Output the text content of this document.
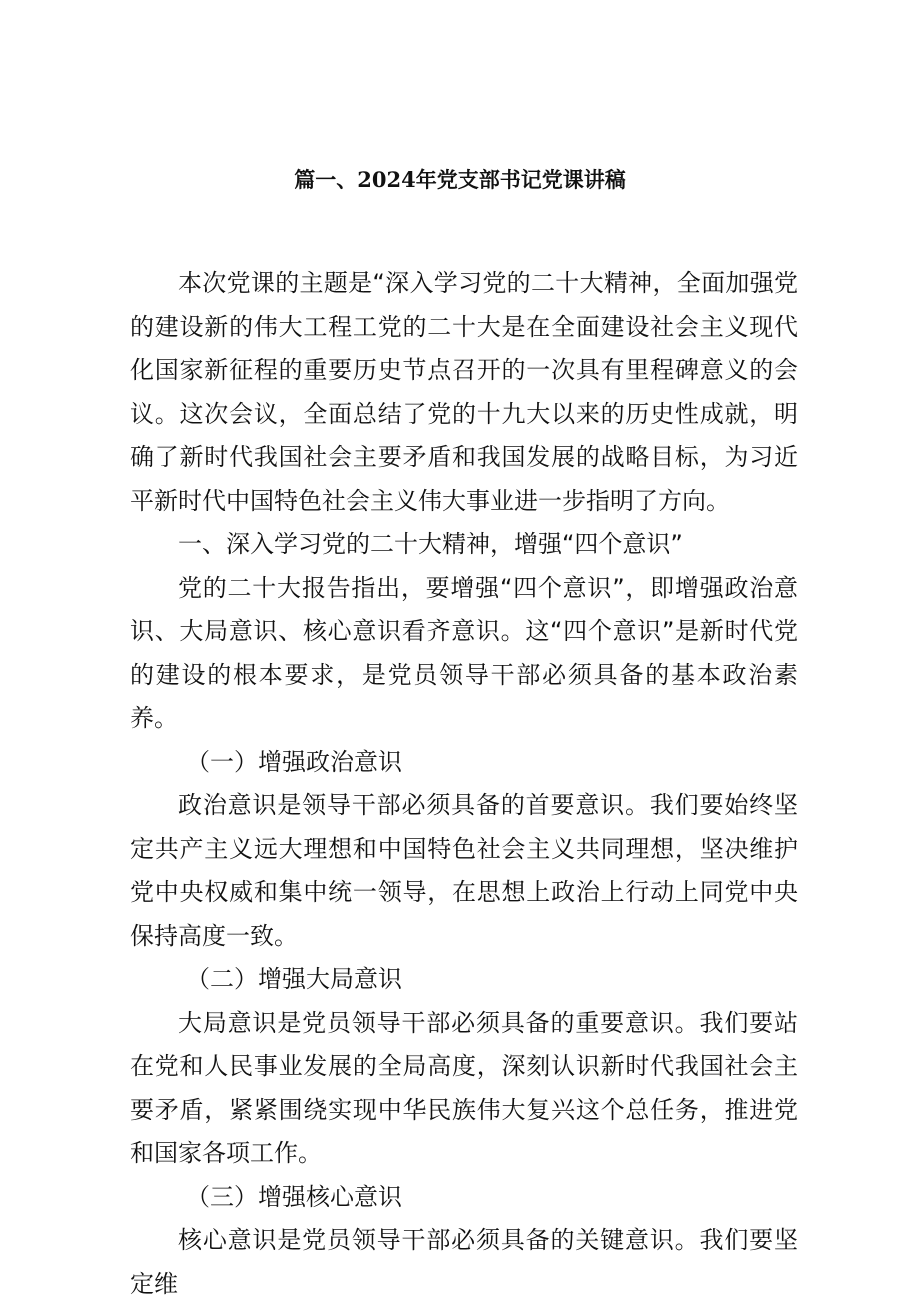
篇一、2024年党支部书记党课讲稿

本次党课的主题是“深入学习党的二十大精神，全面加强党的建设新的伟大工程工党的二十大是在全面建设社会主义现代化国家新征程的重要历史节点召开的一次具有里程碑意义的会议。这次会议，全面总结了党的十九大以来的历史性成就，明确了新时代我国社会主要矛盾和我国发展的战略目标，为习近平新时代中国特色社会主义伟大事业进一步指明了方向。

一、深入学习党的二十大精神，增强“四个意识”

党的二十大报告指出，要增强“四个意识”，即增强政治意识、大局意识、核心意识看齐意识。这“四个意识”是新时代党的建设的根本要求，是党员领导干部必须具备的基本政治素养。

（一）增强政治意识

政治意识是领导干部必须具备的首要意识。我们要始终坚定共产主义远大理想和中国特色社会主义共同理想，坚决维护党中央权威和集中统一领导，在思想上政治上行动上同党中央保持高度一致。

（二）增强大局意识

大局意识是党员领导干部必须具备的重要意识。我们要站在党和人民事业发展的全局高度，深刻认识新时代我国社会主要矛盾，紧紧围绕实现中华民族伟大复兴这个总任务，推进党和国家各项工作。

（三）增强核心意识

核心意识是党员领导干部必须具备的关键意识。我们要坚定维
